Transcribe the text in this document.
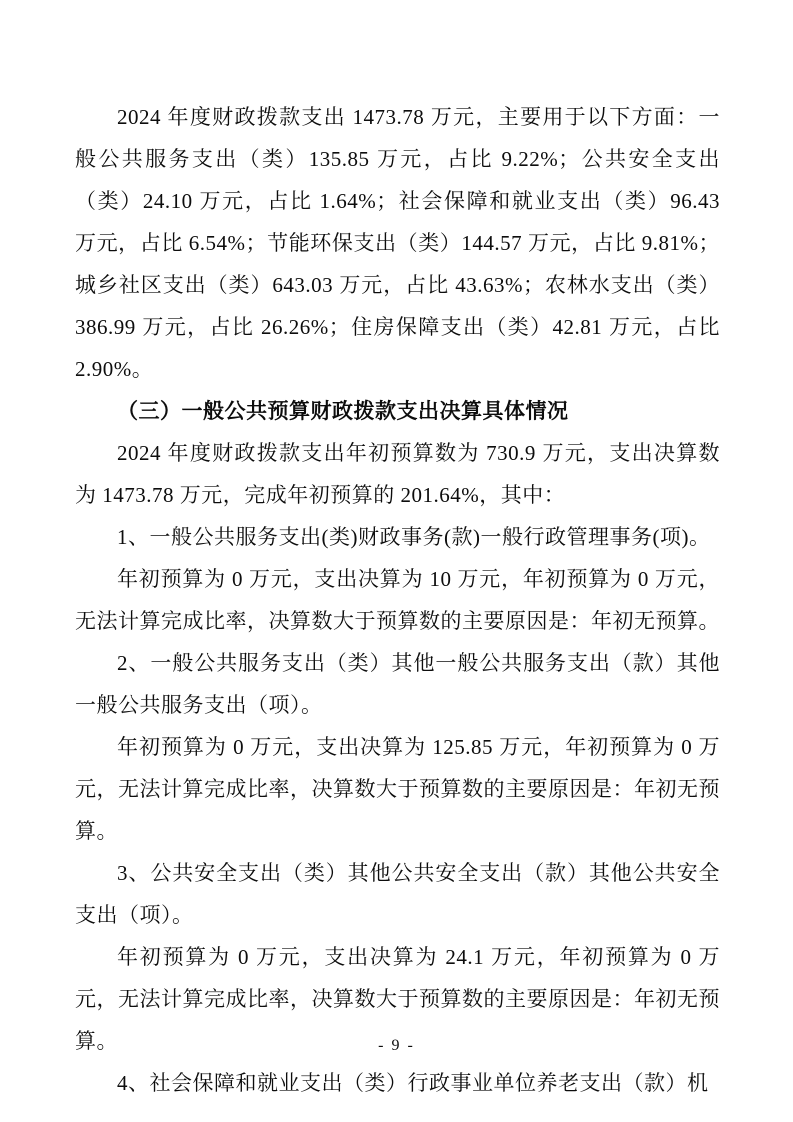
2024 年度财政拨款支出 1473.78 万元，主要用于以下方面：一般公共服务支出（类）135.85 万元，占比 9.22%；公共安全支出（类）24.10 万元，占比 1.64%；社会保障和就业支出（类）96.43 万元，占比 6.54%；节能环保支出（类）144.57 万元，占比 9.81%；城乡社区支出（类）643.03 万元，占比 43.63%；农林水支出（类）386.99 万元，占比 26.26%；住房保障支出（类）42.81 万元，占比 2.90%。

（三）一般公共预算财政拨款支出决算具体情况

2024 年度财政拨款支出年初预算数为 730.9 万元，支出决算数为 1473.78 万元，完成年初预算的 201.64%，其中：

1、一般公共服务支出(类)财政事务(款)一般行政管理事务(项)。

年初预算为 0 万元，支出决算为 10 万元，年初预算为 0 万元，无法计算完成比率，决算数大于预算数的主要原因是：年初无预算。

2、一般公共服务支出（类）其他一般公共服务支出（款）其他一般公共服务支出（项）。

年初预算为 0 万元，支出决算为 125.85 万元，年初预算为 0 万元，无法计算完成比率，决算数大于预算数的主要原因是：年初无预算。

3、公共安全支出（类）其他公共安全支出（款）其他公共安全支出（项）。

年初预算为 0 万元，支出决算为 24.1 万元，年初预算为 0 万元，无法计算完成比率，决算数大于预算数的主要原因是：年初无预算。

4、社会保障和就业支出（类）行政事业单位养老支出（款）机

- 9 -
